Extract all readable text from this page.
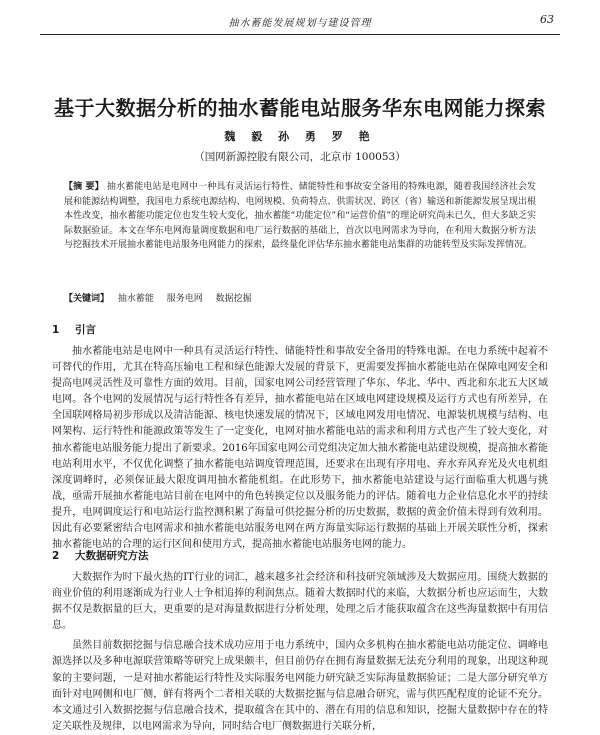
抽水蓄能发展规划与建设管理	63
基于大数据分析的抽水蓄能电站服务华东电网能力探索
魏 毅 孙 勇 罗 艳
（国网新源控股有限公司，北京市 100053）
【摘 要】 抽水蓄能电站是电网中一种具有灵活运行特性、储能特性和事故安全备用的特殊电源，随着我国经济社会发展和能源结构调整，我国电力系统电源结构、电网规模、负荷特点、供需状况、跨区（省）输送和新能源发展呈现出根本性改变，抽水蓄能功能定位也发生较大变化，抽水蓄能“功能定位”和“运营价值”的理论研究尚未已久，但大多缺乏实际数据验证。本文在华东电网海量调度数据和电厂运行数据的基础上，首次以电网需求为导向，在利用大数据分析方法与挖掘技术开展抽水蓄能电站服务电网能力的探索，最终量化评估华东抽水蓄能电站集群的功能转型及实际发挥情况。
【关键词】 抽水蓄能 服务电网 数据挖掘
1 引言

抽水蓄能电站是电网中一种具有灵活运行特性、储能特性和事故安全备用的特殊电源。在电力系统中起着不可替代的作用，尤其在特高压输电工程和绿色能源大发展的背景下，更需要发挥抽水蓄能电站在保障电网安全和提高电网灵活性及可靠性方面的效用。目前，国家电网公司经营管理了华东、华北、华中、西北和东北五大区域电网。各个电网的发展情况与运行特性各有差异，抽水蓄能电站在区域电网建设规模及运行方式也有所差异，在全国联网格局初步形成以及清洁能源、核电快速发展的情况下，区域电网发用电情况、电源装机规模与结构、电网架构、运行特性和能源政策等发生了一定变化，电网对抽水蓄能电站的需求和利用方式也产生了较大变化，对抽水蓄能电站服务能力提出了新要求。2016年国家电网公司党组决定加大抽水蓄能电站建设规模，提高抽水蓄能电站利用水平，不仅优化调整了抽水蓄能电站调度管理范围，还要求在出现有序用电、弃水弃风弃光及火电机组深度调峰时，必须保证最大限度调用抽水蓄能机组。在此形势下，抽水蓄能电站建设与运行面临重大机遇与挑战，亟需开展抽水蓄能电站目前在电网中的角色转换定位以及服务能力的评估。随着电力企业信息化水平的持续提升，电网调度运行和电站运行监控测积累了海量可供挖掘分析的历史数据，数据的黄金价值未得到有效利用。因此有必要紧密结合电网需求和抽水蓄能电站服务电网在两方海量实际运行数据的基础上开展关联性分析，探索抽水蓄能电站的合理的运行区间和使用方式，提高抽水蓄能电站服务电网的能力。

2 大数据研究方法

大数据作为时下最火热的IT行业的词汇，越来越多社会经济和科技研究领域涉及大数据应用。围绕大数据的商业价值的利用逐渐成为行业人士争相追捧的利润焦点。随着大数据时代的来临，大数据分析也应运而生，大数据不仅是数据量的巨大，更重要的是对海量数据进行分析处理，处理之后才能获取蕴含在这些海量数据中有用信息。

虽然目前数据挖掘与信息融合技术成功应用于电力系统中，国内众多机构在抽水蓄能电站功能定位、调峰电源选择以及多种电源联营策略等研究上成果颇丰，但目前仍存在拥有海量数据无法充分利用的现象，出现这种现象的主要问题，一是对抽水蓄能运行特性及实际服务电网能力研究缺乏实际海量数据验证；二是大部分研究单方面针对电网侧和电厂侧，鲜有将两个二者相关联的大数据挖掘与信息融合研究，需与供匹配程度的论证不充分。本文通过引入数据挖掘与信息融合技术，提取蕴含在其中的、潜在有用的信息和知识，挖掘大量数据中存在的特定关联性及规律，以电网需求为导向，同时结合电厂侧数据进行关联分析，
